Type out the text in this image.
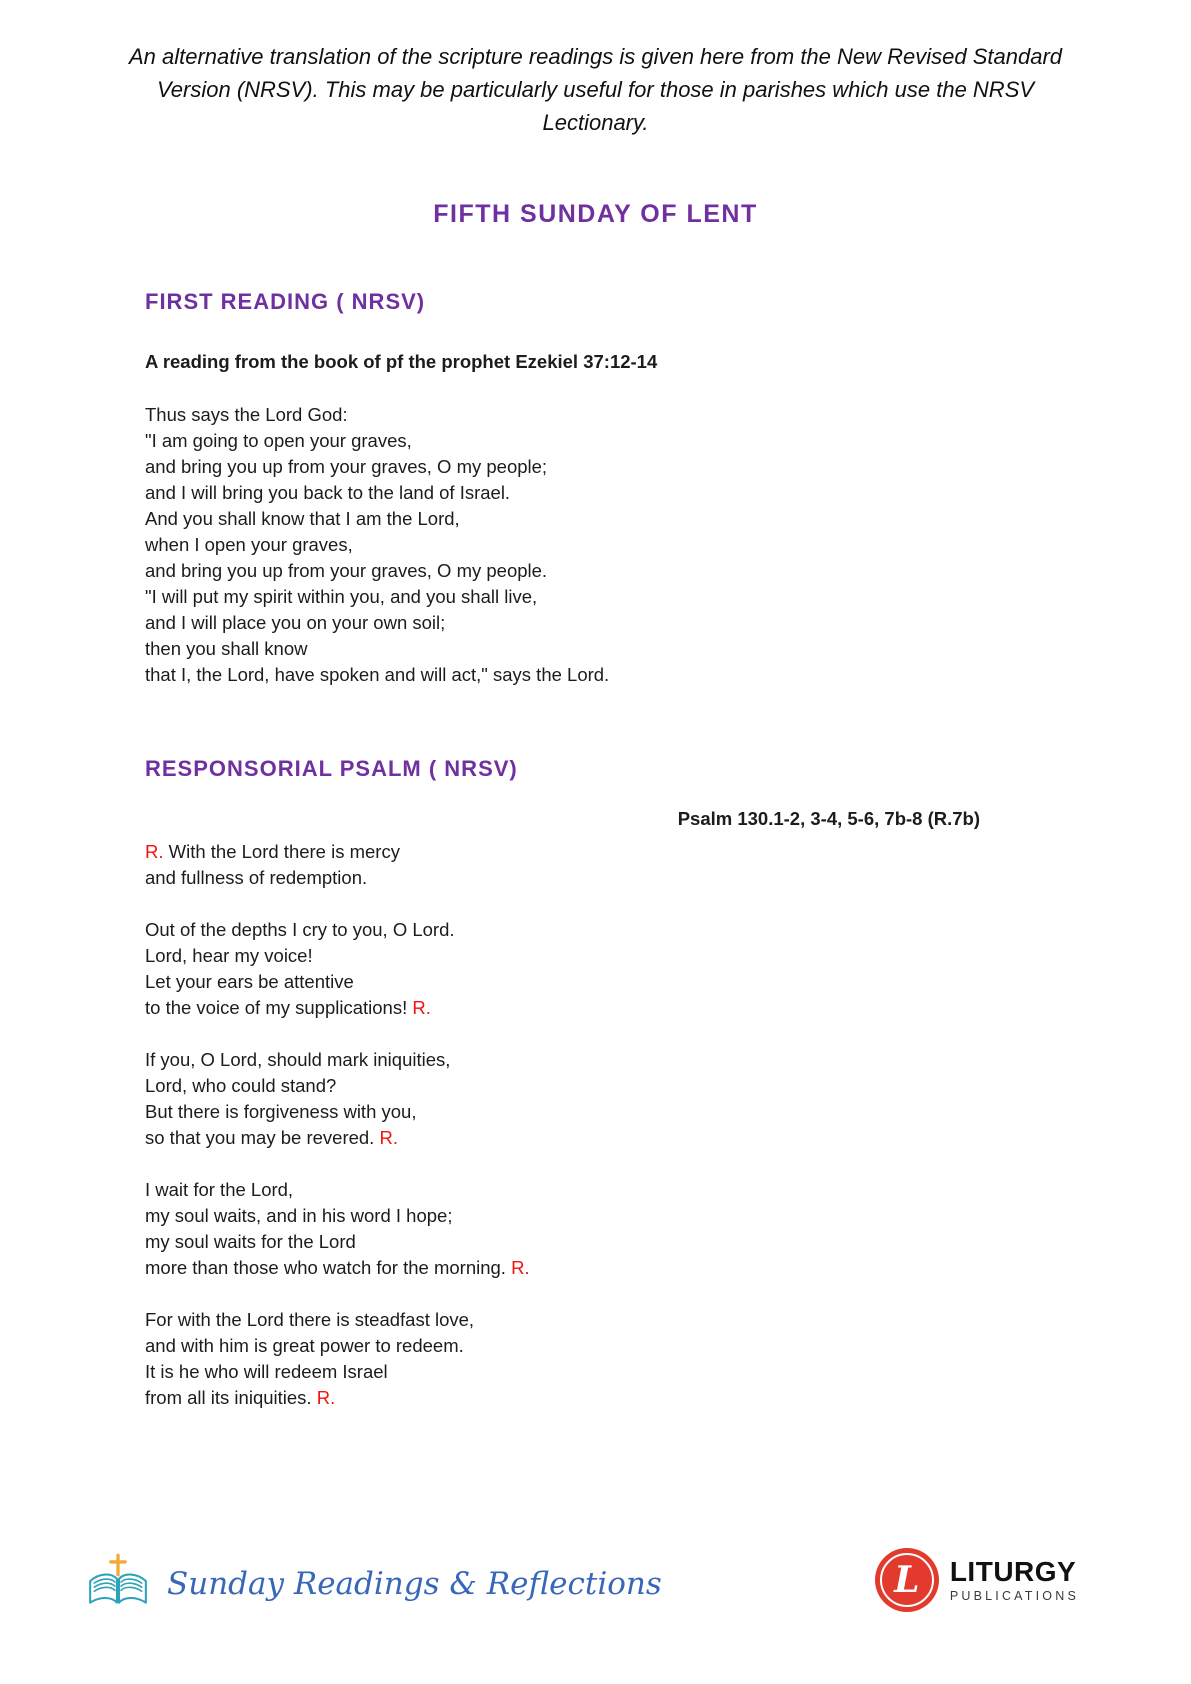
An alternative translation of the scripture readings is given here from the New Revised Standard Version (NRSV). This may be particularly useful for those in parishes which use the NRSV Lectionary.

FIFTH SUNDAY OF LENT
FIRST READING ( NRSV)

A reading from the book of pf the prophet Ezekiel 37:12-14

Thus says the Lord God:
"I am going to open your graves,
and bring you up from your graves, O my people;
and I will bring you back to the land of Israel.
And you shall know that I am the Lord,
when I open your graves,
and bring you up from your graves, O my people.
"I will put my spirit within you, and you shall live,
and I will place you on your own soil;
then you shall know
that I, the Lord, have spoken and will act," says the Lord.
RESPONSORIAL PSALM ( NRSV)

Psalm 130.1-2, 3-4, 5-6, 7b-8 (R.7b)

R. With the Lord there is mercy
and fullness of redemption.
Out of the depths I cry to you, O Lord.
Lord, hear my voice!
Let your ears be attentive
to the voice of my supplications! R.
If you, O Lord, should mark iniquities,
Lord, who could stand?
But there is forgiveness with you,
so that you may be revered. R.
I wait for the Lord,
my soul waits, and in his word I hope;
my soul waits for the Lord
more than those who watch for the morning. R.
For with the Lord there is steadfast love,
and with him is great power to redeem.
It is he who will redeem Israel
from all its iniquities. R.
Sunday Readings & Reflections	L LITURGY
PUBLICATIONS
